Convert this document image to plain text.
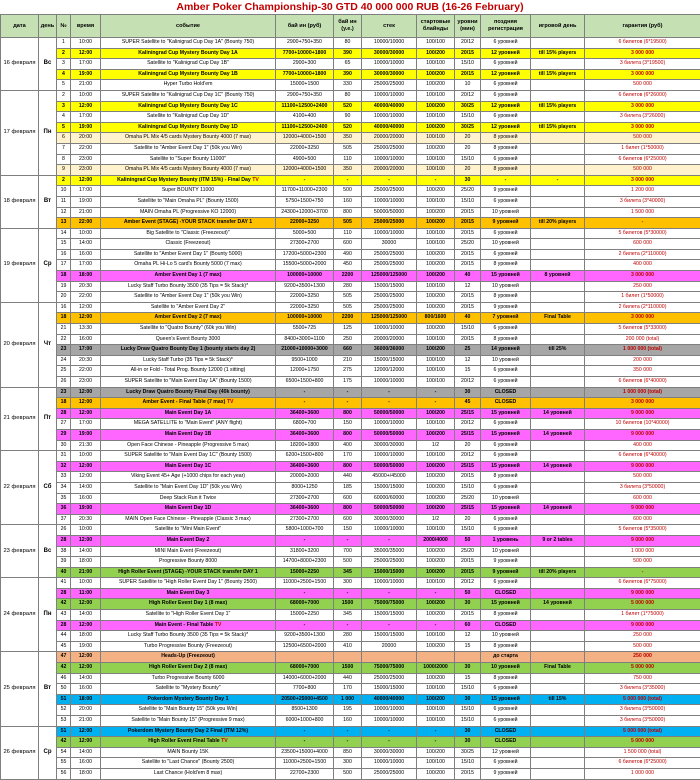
Amber Poker Championship-30 GTD 40 000 000 RUB (16-26 February)
дата	день	№	время	событие	бай ин (руб)	бай ин (у.е.)	стек	стартовые блайнды	уровни (мин)	поздняя регистрация	игровой день	гарантия (руб)
16 февраля	Вс	1	10:00	SUPER Satellite to "Kalinigrad Cup Day 1A" (Bounty 750)	2900+750+350	80	10000/10000	100/100	20/12	6 уровней		6 билетов (6*19500)
		2	12:00	Kaliningrad Cup Mystery Bounty Day 1A	7700+10000+1800	390	30000/30000	100/200	20/15	12 уровней	till 15% players	3 000 000
		3	17:00	Satellite to "Kalinigrad Cup Day 1B"	2900+300	65	10000/10000	100/100	15/10	6 уровней		3 билета (3*19500)
		4	19:00	Kaliningrad Cup Mystery Bounty Day 1B	7700+10000+1800	390	30000/30000	100/200	20/15	12 уровней	till 15% players	3 000 000
		5	21:00	Hyper Turbo Hold'em	15000+1500	330	25000/25000	100/200	10	6 уровней		500 000
17 февраля	Пн	2	10:00	SUPER Satellite to "Kalinigrad Cup Day 1C" (Bounty 750)	2900+750+350	80	10000/10000	100/100	20/12	6 уровней		6 билетов (6*26000)
		3	12:00	Kaliningrad Cup Mystery Bounty Day 1C	11100+12500+2400	520	40000/40000	100/200	30/25	12 уровней	till 15% players	3 000 000
		4	17:00	Satellite to "Kalinigrad Cup Day 1D"	4100+400	90	10000/10000	100/100	15/10	6 уровней		3 билета (3*26000)
		5	19:00	Kaliningrad Cup Mystery Bounty Day 1D	11100+12500+2400	520	40000/40000	100/200	30/25	12 уровней	till 15% players	3 000 000
		6	20:00	Omaha PL Mix 4/5 cards Mystery Bounty 4000 (7 max)	12000+4000+1500	350	20000/20000	100/100	20	8 уровней		500 000
		7	22:00	Satellite to "Amber Event Day 1" (50k you Win)	22000+3250	505	25000/25000	100/200	20	8 уровней		1 билет (1*50000)
		8	23:00	Satellite to "Super Bounty 11000"	4900+500	110	10000/10000	100/100	15/10	6 уровней		6 билетов (6*25000)
		9	23:00	Omaha PL Mix 4/5 cards Mystery Bounty 4000 (7 max)	12000+4000+1500	350	20000/20000	100/100	20	8 уровней		500 000
18 февраля	Вт	2	12:00	Kaliningrad Cup Mystery Bounty (ITM 15%) - Final Day TV	-	-	-	-	30	-	-	3 000 000
		10	17:00	Super BOUNTY 11000	11700+11000+2300	500	25000/25000	100/200	25/20	9 уровней		1 200 000
		11	19:00	Satellite to "Main Omaha PL" (Bounty 1500)	5750+1500+750	160	10000/10000	100/100	15/10	6 уровней		3 билета (3*40000)
		12	21:00	MAIN Omaha PL (Progressive KO 12000)	24300+12000+3700	800	50000/50000	100/200	20/15	10 уровней		1 500 000
		13	22:00	Amber Event (STAGE) -YOUR STACK transfer DAY 1	22000+3250	505	25000/25000	100/200	20/15	9 уровней	till 20% players	-
19 февраля	Ср	14	10:00	Big Satellite to "Classic (Freezeout)"	5000+500	110	10000/10000	100/100	20/15	6 уровней		5 билетов (5*30000)
		15	14:00	Classic (Freezeout)	27300+2700	600	30000	100/100	25/20	10 уровней		600 000
		16	16:00	Satellite to "Amber Event Day 1" (Bounty 5000)	17200+5000+2300	490	25000/25000	100/200	20/15	6 уровней		2 билета (2*110000)
		17	17:00	Omaha PL Hi-Lo 5 card's Bounty 5000 (7 max)	15500+5000+2000	450	25000/25000	100/200	20/15	8 уровней		400 000
		18	18:00	Amber Event Day 1 (7 max)	100000+10000	2200	125000/125000	100/200	40	15 уровней	8 уровней	3 000 000
		19	20:30	Lucky Staff Turbo Bounty 3500 (35 Tips = 5k Stack)*	9200+3500+1300	280	15000/15000	100/100	12	10 уровней		250 000
		20	22:00	Satellite to "Amber Event Day 1" (50k you Win)	22000+3250	505	25000/25000	100/200	20/15	8 уровней		1 билет (1*50000)
20 февраля	Чт	16	12:00	Satellite to "Amber Event Day 2"	22000+3250	505	25000/25000	100/200	20/15	9 уровней		2 билета (2*110000)
		18	12:00	Amber Event Day 2 (7 max)	100000+10000	2200	125000/125000	800/1600	40	7 уровней	Final Table	3 000 000
		21	13:30	Satellite to "Quatro Bounty" (60k you Win)	5500+725	125	10000/10000	100/200	15/10	6 уровней		5 билетов (5*33000)
		22	16:00	Queen's Event Bounty 3000	8400+3000+1100	250	20000/20000	100/100	20/15	8 уровней		200 000 (total)
		23	17:00	Lucky Draw Quatro Bounty Day 1 (bounty starts day 2)	21000+10000+3000	660	36000/36000	100/200	25	14 уровней	till 25%	1 000 000 (total)
		24	20:30	Lucky Staff Turbo (35 Tips = 5k Stack)*	9500+1000	210	15000/15000	100/100	12	10 уровней		200 000
		25	22:00	All-in or Fold - Total Prog. Bounty 12000 (1 sitting)	12000+1750	275	12000/12000	100/100	15	6 уровней		350 000
		26	23:00	SUPER Satellite to "Main Event Day 1A" (Bounty 1500)	6500+1500+800	175	10000/10000	100/100	20/12	6 уровней		6 билетов (6*40000)
21 февраля	Пт	23	12:00	Lucky Draw Quatro Bounty Final Day (40k bounty)	-	-	-	-	30	CLOSED		1 000 000 (total)
		18	12:00	Amber Event - Final Table (7 max) TV	-	-	-	-	45	CLOSED		3 000 000
		28	12:00	Main Event Day 1A	36400+3600	800	50000/50000	100/200	25/15	15 уровней	14 уровней	9 000 000
		27	17:00	MEGA SATELLITE to "Main Event" (ANY flight)	6800+700	150	10000/10000	100/100	20/12	6 уровней		10 билетов (10*40000)
		29	19:00	Main Event Day 1B	36400+3600	800	50000/50000	100/200	25/15	15 уровней	14 уровней	9 000 000
		30	21:30	Open Face Chinese - Pineapple (Progressive 5 max)	18200+1800	400	30000/30000	1/2	20	6 уровней		400 000
22 февраля	Сб	31	10:00	SUPER Satellite to "Main Event Day 1C" (Bounty 1500)	6200+1500+800	170	10000/10000	100/100	20/12	6 уровней		6 билетов (6*40000)
		32	12:00	Main Event Day 1C	36400+3600	800	50000/50000	100/200	25/15	15 уровней	14 уровней	9 000 000
		33	12:00	Viking Event 45+ Age (+1000 chips for each year)	20000+2000	440	45000+/45000	100/200	20/15	8 уровней		500 000
		34	14:00	Satellite to "Main Event Day 1D" (50k you Win)	8000+1250	185	15000/15000	100/200	15/10	6 уровней		3 билета (3*50000)
		35	16:00	Deep Stack Run it Twice	27300+2700	600	60000/60000	100/200	25/20	10 уровней		600 000
		36	19:00	Main Event Day 1D	36400+3600	800	50000/50000	100/200	25/15	15 уровней	14 уровней	9 000 000
		37	20:30	MAIN Open Face Chinese - Pineapple (Classic 3 max)	27300+2700	600	30000/30000	1/2	20	6 уровней		600 000
23 февраля	Вс	26	10:00	Satellite to "Mini Main Event"	5800+1000+700	150	10000/10000	100/100	15/10	6 уровней		5 билетов (5*35000)
		28	12:00	Main Event Day 2	-	-	-	2000/4000	50	1 уровень	9 or 2 tables	9 000 000
		38	14:00	MINI Main Event (Freezeout)	31800+3200	700	35000/35000	100/200	25/20	10 уровней		1 000 000
		39	18:00	Progressive Bounty 8000	14700+8000+2300	500	25000/25000	100/200	20/15	9 уровней		500 000
		40	21:00	High Roller Event (STAGE) -YOUR STACK transfer DAY 1	15000+2250	345	15000/15000	100/200	20/15	9 уровней	till 20% players	-
24 февраля	Пн	41	10:00	SUPER Satellite to "High Roller Event Day 1" (Bounty 2500)	11000+2500+1500	300	10000/10000	100/100	20/12	6 уровней		6 билетов (6*75000)
		28	11:00	Main Event Day 3	-	-	-	-	50	CLOSED		9 000 000
		42	12:00	High Roller Event Day 1 (8 max)	68000+7000	1500	75000/75000	100/200	30	15 уровней	14 уровней	5 000 000
		43	14:00	Satellite to "High Roller Event Day 1"	15000+2250	345	15000/15000	100/200	20/15	8 уровней		1 билет (1*75000)
		28	12:00	Main Event - Final Table TV	-	-	-	-	60	CLOSED		9 000 000
		44	18:00	Lucky Staff Turbo Bounty 3500 (35 Tips = 5k Stack)*	9200+3500+1300	280	15000/15000	100/100	12	10 уровней		250 000
		45	19:00	Turbo Progressive Bounty (Freezeout)	12500+6500+2000	410	20000	100/200	15	8 уровней		500 000
25 февраля	Вт	47	12:00	Heads-Up (Freezeout)						до старта		250 000
		42	12:00	High Roller Event Day 2 (8 max)	68000+7000	1500	75000/75000	1000/2000	30	10 уровней	Final Table	5 000 000
		46	14:00	Turbo Progressive Bounty 6000	14000+6000+2000	440	25000/25000	100/200	15	8 уровней		750 000
		50	16:00	Satellite to "Mystery Bounty"	7700+800	170	15000/15000	100/100	15/10	6 уровней		3 билета (3*35000)
		51	18:00	Pokerdom Mystery Bounty Day 1	20500+25000+4500	1 000	40000/40000	100/200	30	15 уровней	till 15%	5 000 000 (total)
		52	20:00	Satellite to "Main Bounty 15" (50k you Win)	8500+1300	195	10000/10000	100/100	15/10	6 уровней		3 билета (3*50000)
		53	21:00	Satellite to "Main Bounty 15" (Progressive 9 max)	6000+1000+800	160	10000/10000	100/100	15/10	6 уровней		3 билета (3*50000)
26 февраля	Ср	51	12:00	Pokerdom Mystery Bounty Day 2 Final (ITM 12%)	-	-	-	-	30	CLOSED		5 000 000 (total)
		42	12:00	High Roller Event Final Table TV	-	-	-	-	30	CLOSED		5 000 000
		54	14:00	MAIN Bounty 15K	23500+15000+4000	850	30000/30000	100/200	30/25	12 уровней		1 500 000 (total)
		55	16:00	Satellite to "Last Chance" (Bounty 2500)	11000+2500+1500	300	10000/10000	100/100	15/10	6 уровней		6 билетов (6*25000)
		56	18:00	Last Chance (Hold'em 8 max)	22700+2300	500	25000/25000	100/200	20/15	9 уровней		1 000 000
